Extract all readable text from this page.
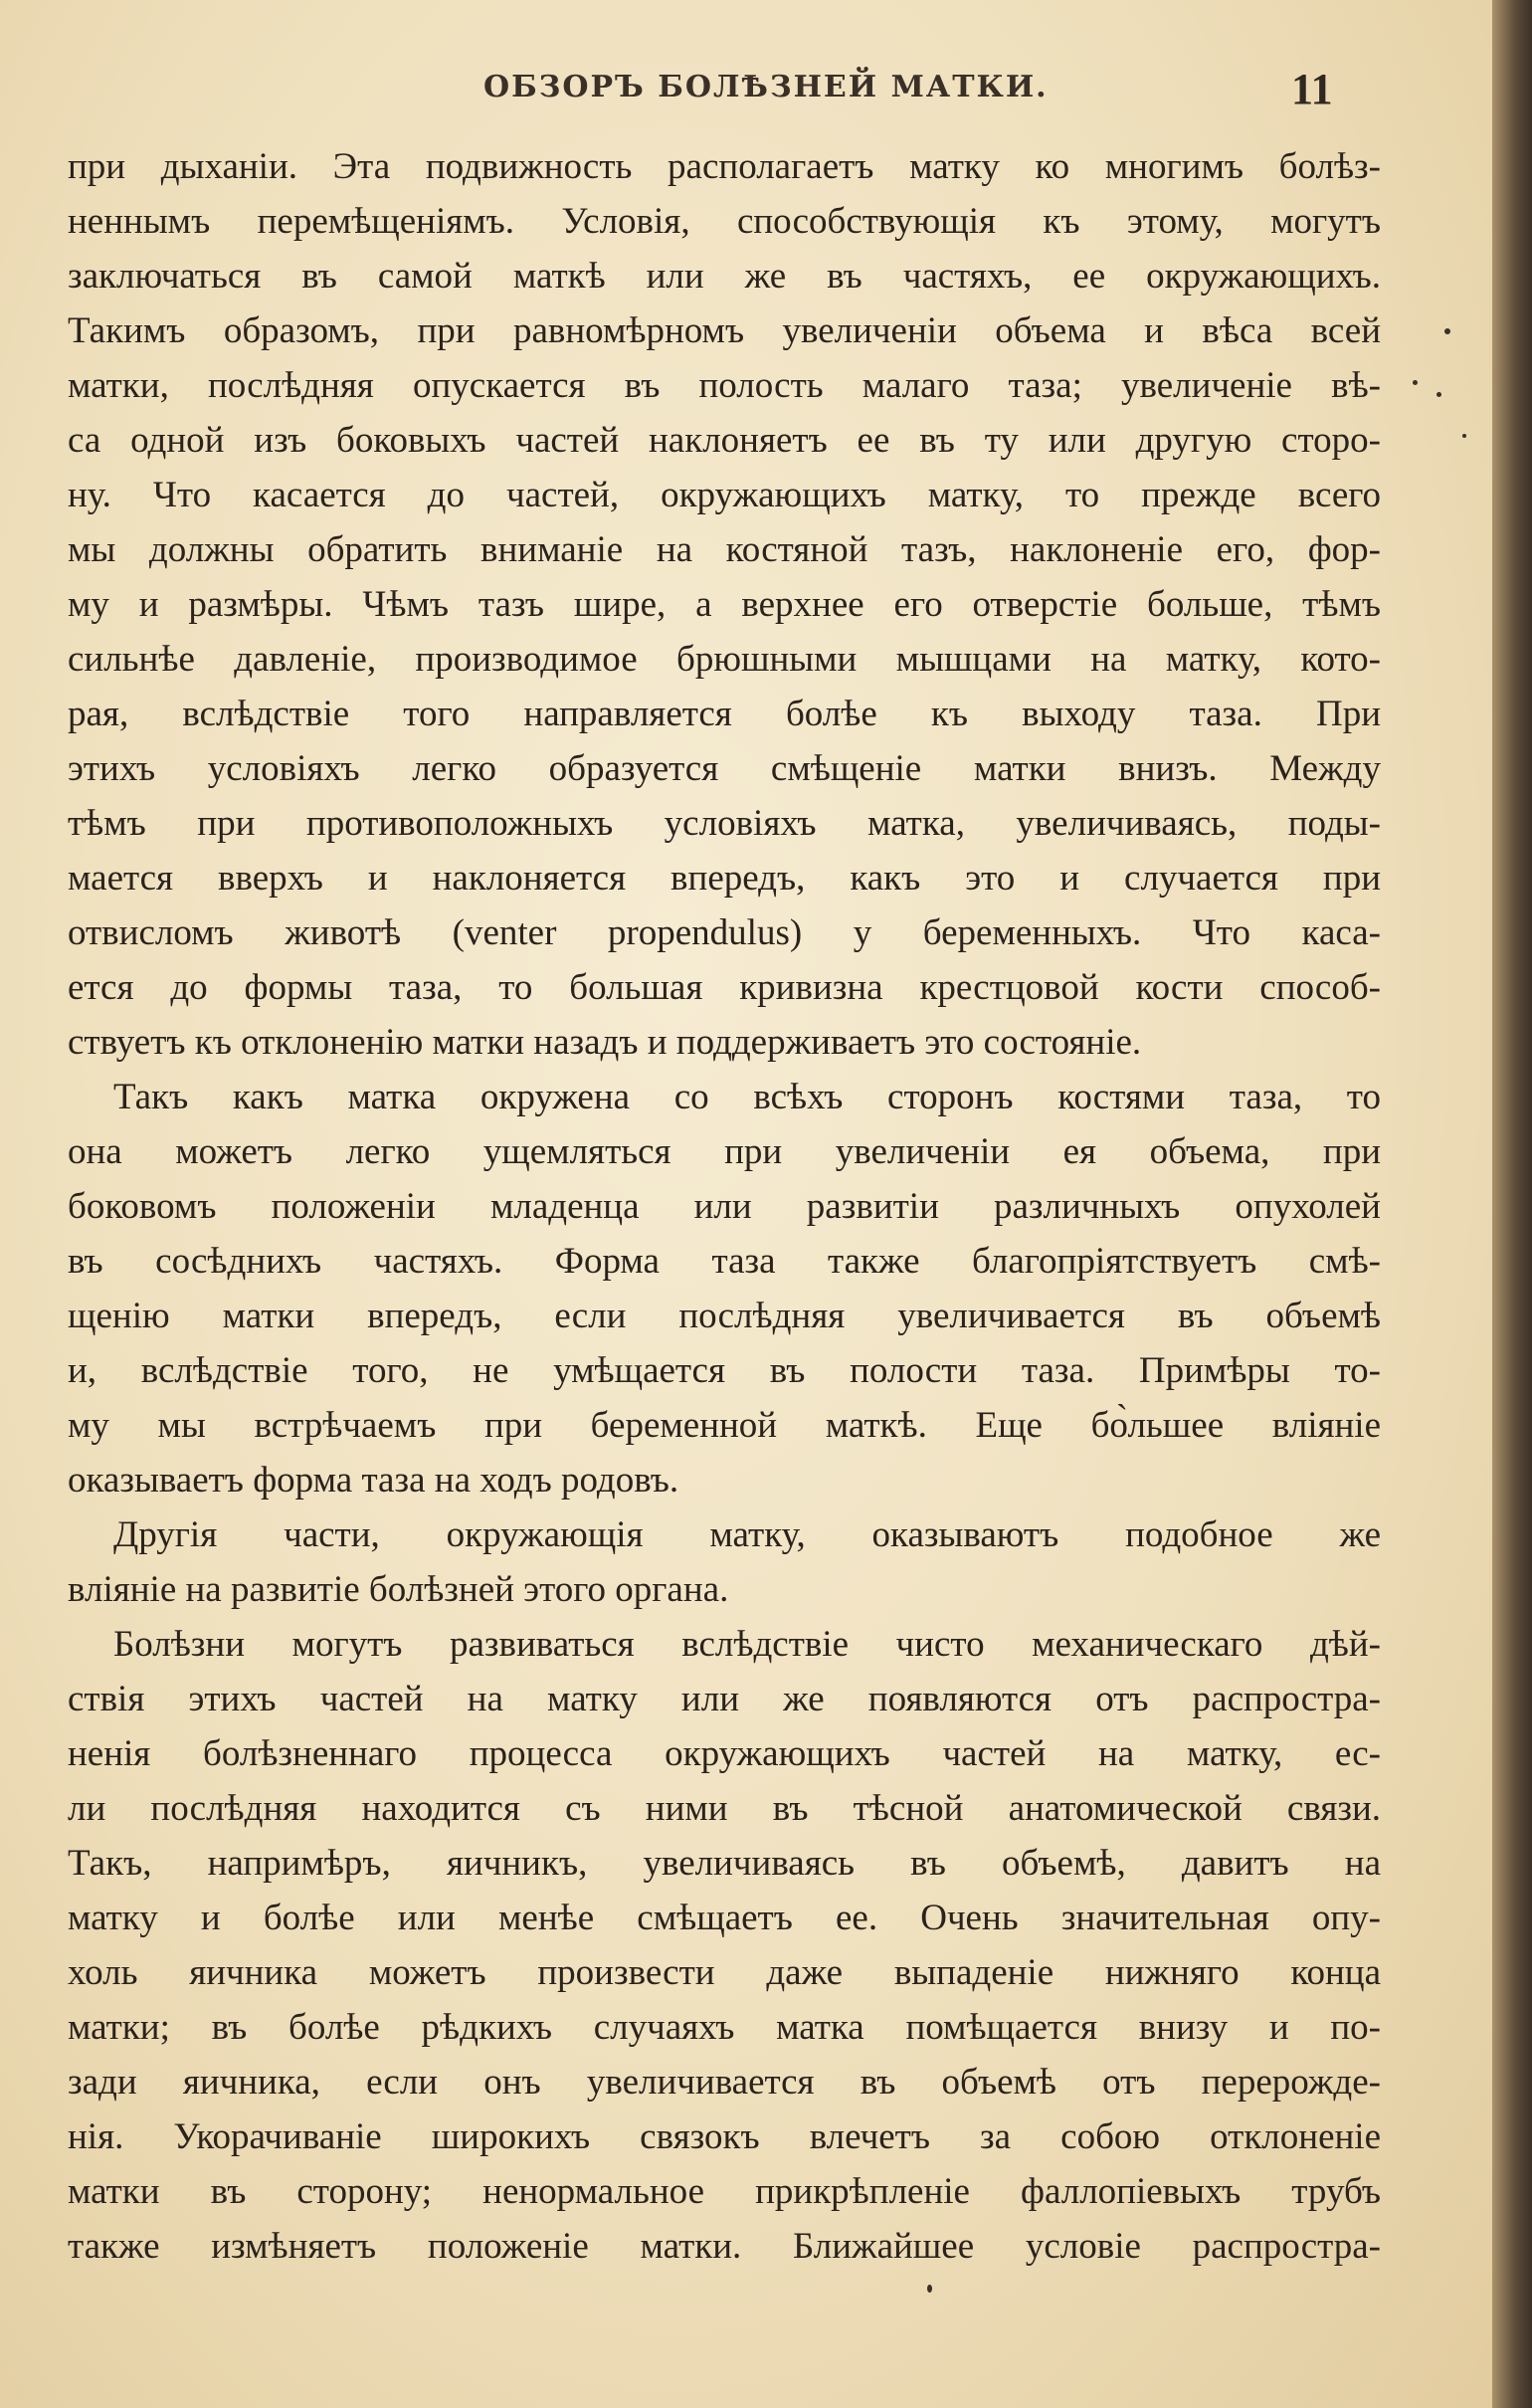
ОБЗОРЪ БОЛѢЗНЕЙ МАТКИ.	11
при дыханіи. Эта подвижность располагаетъ матку ко многимъ болѣз-
неннымъ перемѣщеніямъ. Условія, способствующія къ этому, могутъ
заключаться въ самой маткѣ или же въ частяхъ, ее окружающихъ.
Такимъ образомъ, при равномѣрномъ увеличеніи объема и вѣса всей
матки, послѣдняя опускается въ полость малаго таза; увеличеніе вѣ-
са одной изъ боковыхъ частей наклоняетъ ее въ ту или другую сторо-
ну. Что касается до частей, окружающихъ матку, то прежде всего
мы должны обратить вниманіе на костяной тазъ, наклоненіе его, фор-
му и размѣры. Чѣмъ тазъ шире, а верхнее его отверстіе больше, тѣмъ
сильнѣе давленіе, производимое брюшными мышцами на матку, кото-
рая, вслѣдствіе того направляется болѣе къ выходу таза. При
этихъ условіяхъ легко образуется смѣщеніе матки внизъ. Между
тѣмъ при противоположныхъ условіяхъ матка, увеличиваясь, поды-
мается вверхъ и наклоняется впередъ, какъ это и случается при
отвисломъ животѣ (venter propendulus) у беременныхъ. Что каса-
ется до формы таза, то большая кривизна крестцовой кости способ-
ствуетъ къ отклоненію матки назадъ и поддерживаетъ это состояніе.
Такъ какъ матка окружена со всѣхъ сторонъ костями таза, то
она можетъ легко ущемляться при увеличеніи ея объема, при
боковомъ положеніи младенца или развитіи различныхъ опухолей
въ сосѣднихъ частяхъ. Форма таза также благопріятствуетъ смѣ-
щенію матки впередъ, если послѣдняя увеличивается въ объемѣ
и, вслѣдствіе того, не умѣщается въ полости таза. Примѣры то-
му мы встрѣчаемъ при беременной маткѣ. Еще бо̀льшее вліяніе
оказываетъ форма таза на ходъ родовъ.
Другія части, окружающія матку, оказываютъ подобное же
вліяніе на развитіе болѣзней этого органа.
Болѣзни могутъ развиваться вслѣдствіе чисто механическаго дѣй-
ствія этихъ частей на матку или же появляются отъ распростра-
ненія болѣзненнаго процесса окружающихъ частей на матку, ес-
ли послѣдняя находится съ ними въ тѣсной анатомической связи.
Такъ, напримѣръ, яичникъ, увеличиваясь въ объемѣ, давитъ на
матку и болѣе или менѣе смѣщаетъ ее. Очень значительная опу-
холь яичника можетъ произвести даже выпаденіе нижняго конца
матки; въ болѣе рѣдкихъ случаяхъ матка помѣщается внизу и по-
зади яичника, если онъ увеличивается въ объемѣ отъ перерожде-
нія. Укорачиваніе широкихъ связокъ влечетъ за собою отклоненіе
матки въ сторону; ненормальное прикрѣпленіе фаллопіевыхъ трубъ
также измѣняетъ положеніе матки. Ближайшее условіе распростра-
